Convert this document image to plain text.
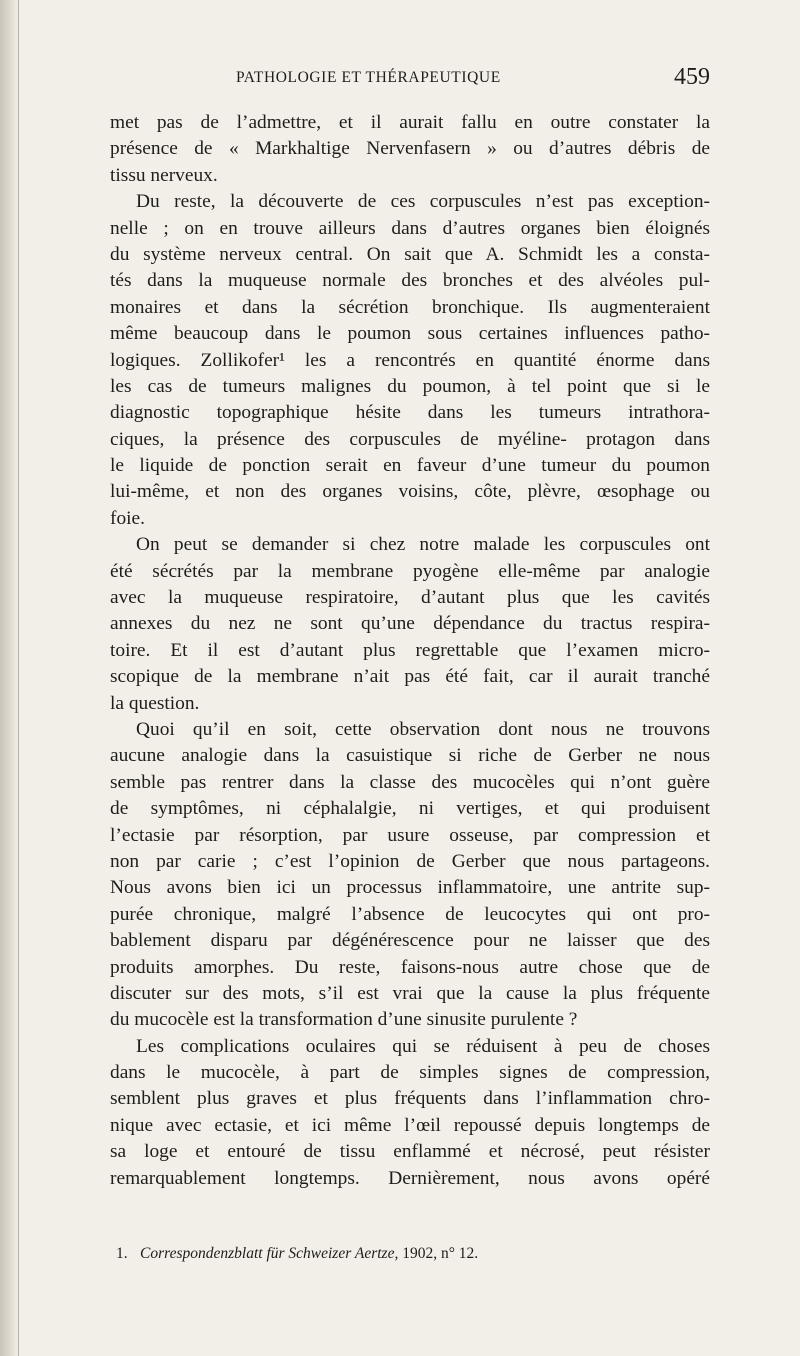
PATHOLOGIE ET THÉRAPEUTIQUE	459
met pas de l’admettre, et il aurait fallu en outre constater la
présence de « Markhaltige Nervenfasern » ou d’autres débris de
tissu nerveux.
Du reste, la découverte de ces corpuscules n’est pas exception-
nelle ; on en trouve ailleurs dans d’autres organes bien éloignés
du système nerveux central. On sait que A. Schmidt les a consta-
tés dans la muqueuse normale des bronches et des alvéoles pul-
monaires et dans la sécrétion bronchique. Ils augmenteraient
même beaucoup dans le poumon sous certaines influences patho-
logiques. Zollikofer¹ les a rencontrés en quantité énorme dans
les cas de tumeurs malignes du poumon, à tel point que si le
diagnostic topographique hésite dans les tumeurs intrathora-
ciques, la présence des corpuscules de myéline- protagon dans
le liquide de ponction serait en faveur d’une tumeur du poumon
lui-même, et non des organes voisins, côte, plèvre, œsophage ou
foie.
On peut se demander si chez notre malade les corpuscules ont
été sécrétés par la membrane pyogène elle-même par analogie
avec la muqueuse respiratoire, d’autant plus que les cavités
annexes du nez ne sont qu’une dépendance du tractus respira-
toire. Et il est d’autant plus regrettable que l’examen micro-
scopique de la membrane n’ait pas été fait, car il aurait tranché
la question.
Quoi qu’il en soit, cette observation dont nous ne trouvons
aucune analogie dans la casuistique si riche de Gerber ne nous
semble pas rentrer dans la classe des mucocèles qui n’ont guère
de symptômes, ni céphalalgie, ni vertiges, et qui produisent
l’ectasie par résorption, par usure osseuse, par compression et
non par carie ; c’est l’opinion de Gerber que nous partageons.
Nous avons bien ici un processus inflammatoire, une antrite sup-
purée chronique, malgré l’absence de leucocytes qui ont pro-
bablement disparu par dégénérescence pour ne laisser que des
produits amorphes. Du reste, faisons-nous autre chose que de
discuter sur des mots, s’il est vrai que la cause la plus fréquente
du mucocèle est la transformation d’une sinusite purulente ?
Les complications oculaires qui se réduisent à peu de choses
dans le mucocèle, à part de simples signes de compression,
semblent plus graves et plus fréquents dans l’inflammation chro-
nique avec ectasie, et ici même l’œil repoussé depuis longtemps de
sa loge et entouré de tissu enflammé et nécrosé, peut résister
remarquablement longtemps. Dernièrement, nous avons opéré
1. Correspondenzblatt für Schweizer Aertze, 1902, n° 12.
